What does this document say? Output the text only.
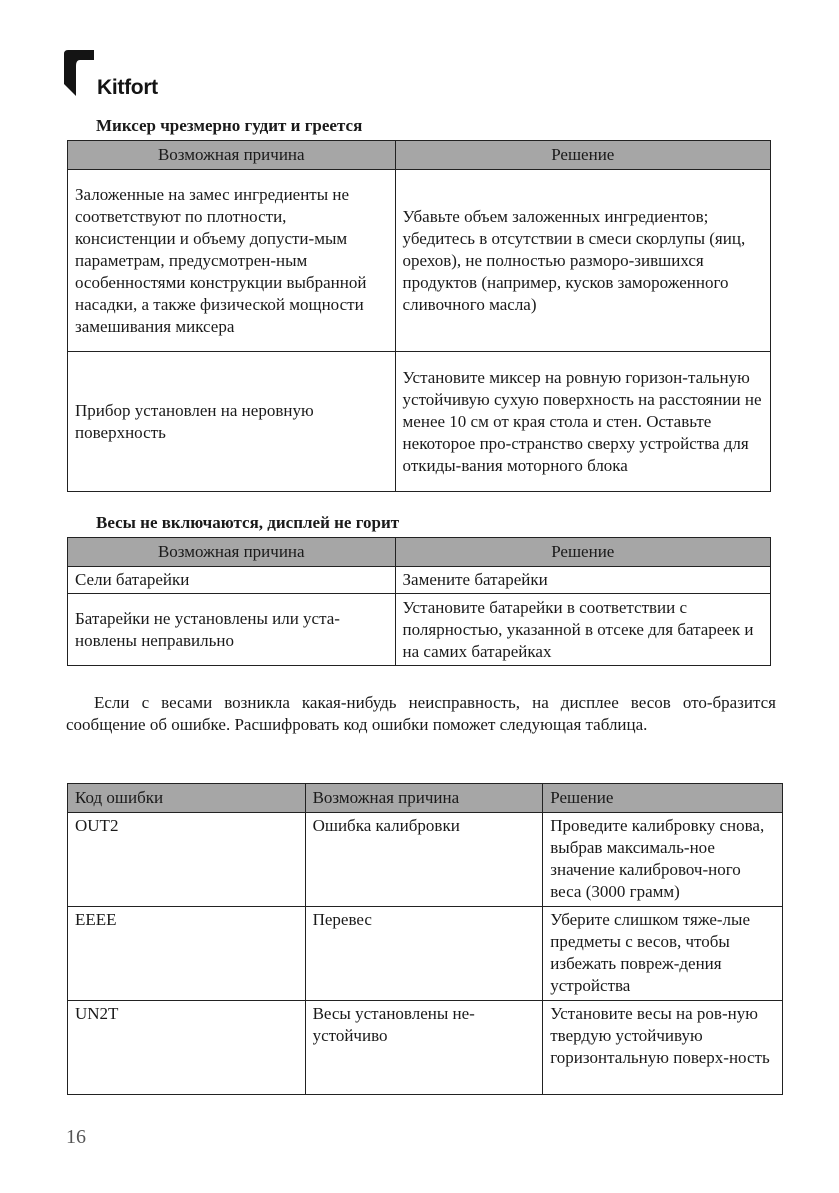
Kitfort
Миксер чрезмерно гудит и греется
Возможная причина	Решение
Заложенные на замес ингредиенты не соответствуют по плотности, консистенции и объему допусти-мым параметрам, предусмотрен-ным особенностями конструкции выбранной насадки, а также физической мощности замешивания миксера	Убавьте объем заложенных ингредиентов; убедитесь в отсутствии в смеси скорлупы (яиц, орехов), не полностью разморо-зившихся продуктов (например, кусков замороженного сливочного масла)
Прибор установлен на неровную поверхность	Установите миксер на ровную горизон-тальную устойчивую сухую поверхность на расстоянии не менее 10 см от края стола и стен. Оставьте некоторое про-странство сверху устройства для откиды-вания моторного блока
Весы не включаются, дисплей не горит
Возможная причина	Решение
Сели батарейки	Замените батарейки
Батарейки не установлены или уста-новлены неправильно	Установите батарейки в соответствии с полярностью, указанной в отсеке для батареек и на самих батарейках

Если с весами возникла какая-нибудь неисправность, на дисплее весов ото-бразится сообщение об ошибке. Расшифровать код ошибки поможет следующая таблица.

Код ошибки	Возможная причина	Решение
OUT2	Ошибка калибровки	Проведите калибровку снова, выбрав максималь-ное значение калибровоч-ного веса (3000 грамм)
EEEE	Перевес	Уберите слишком тяже-лые предметы с весов, чтобы избежать повреж-дения устройства
UN2T	Весы установлены не-устойчиво	Установите весы на ров-ную твердую устойчивую горизонтальную поверх-ность
16
